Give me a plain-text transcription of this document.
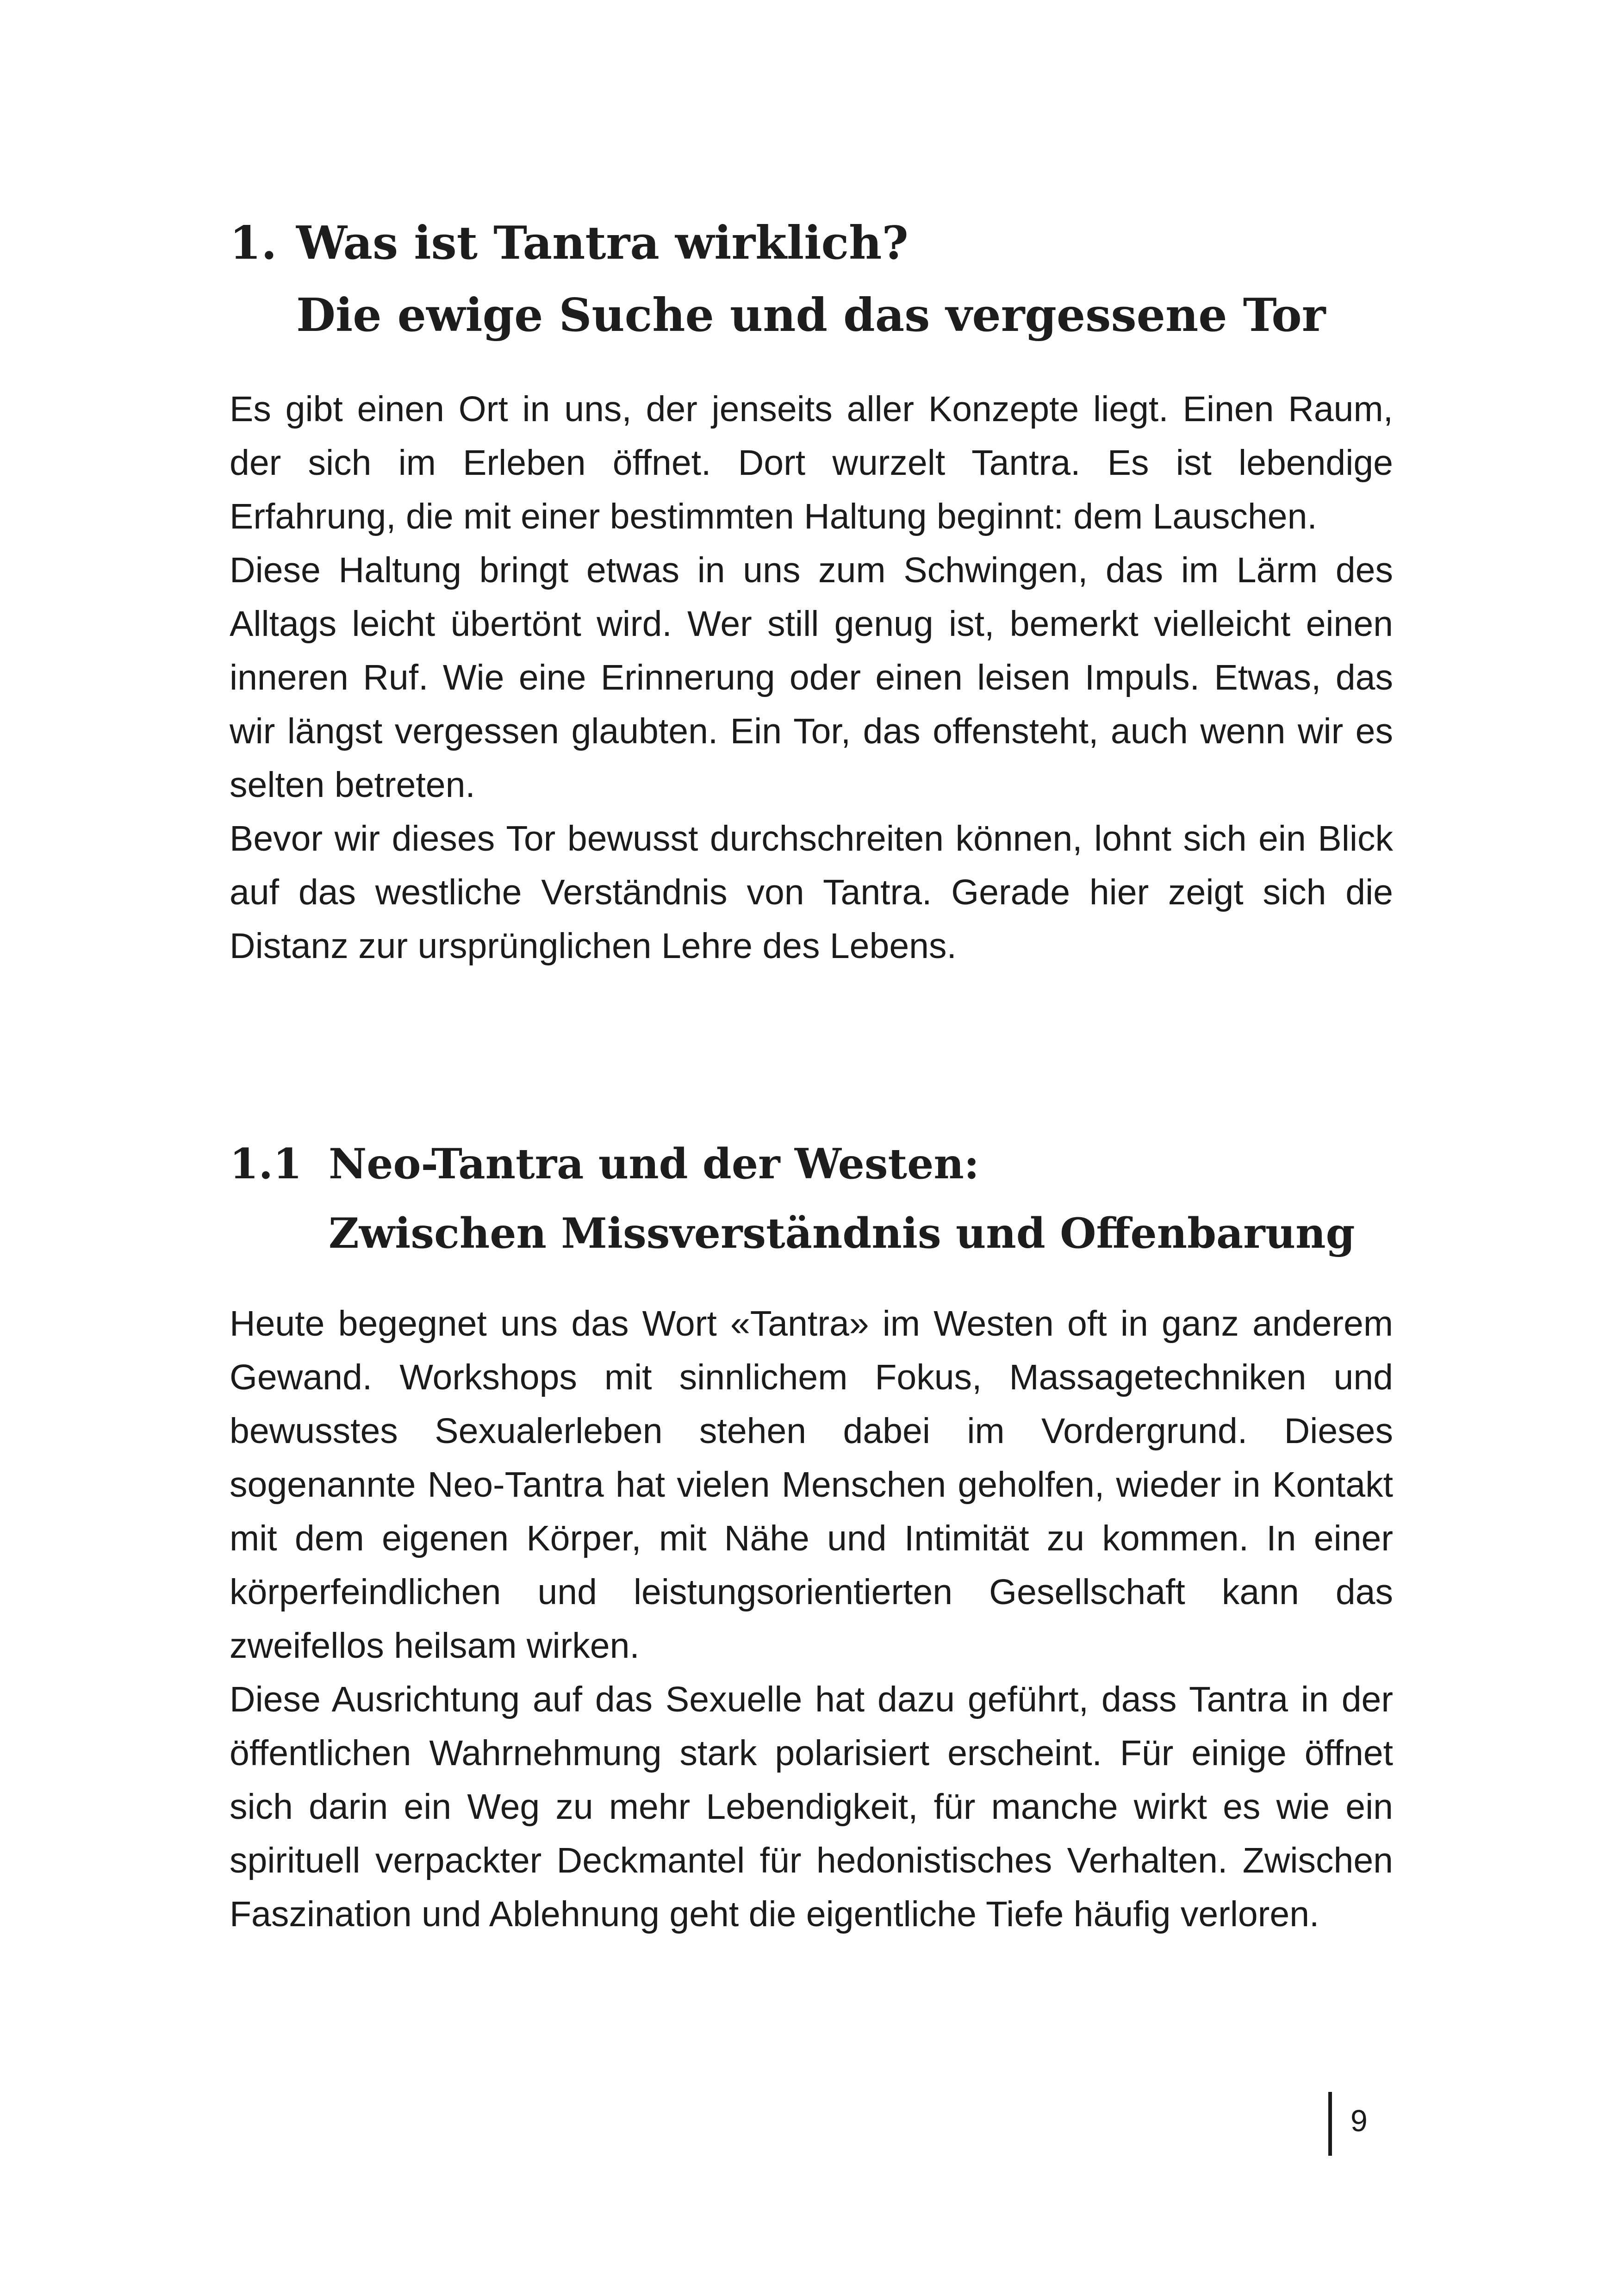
1. Was ist Tantra wirklich?
Die ewige Suche und das vergessene Tor

Es gibt einen Ort in uns, der jenseits aller Konzepte liegt. Einen Raum, der sich im Erleben öffnet. Dort wurzelt Tantra. Es ist lebendige Erfahrung, die mit einer bestimmten Haltung beginnt: dem Lauschen.

Diese Haltung bringt etwas in uns zum Schwingen, das im Lärm des Alltags leicht übertönt wird. Wer still genug ist, bemerkt vielleicht einen inneren Ruf. Wie eine Erinnerung oder einen leisen Impuls. Etwas, das wir längst vergessen glaubten. Ein Tor, das offensteht, auch wenn wir es selten betreten.

Bevor wir dieses Tor bewusst durchschreiten können, lohnt sich ein Blick auf das westliche Verständnis von Tantra. Gerade hier zeigt sich die Distanz zur ursprünglichen Lehre des Lebens.

1.1 Neo-Tantra und der Westen:
Zwischen Missverständnis und Offenbarung

Heute begegnet uns das Wort «Tantra» im Westen oft in ganz anderem Gewand. Workshops mit sinnlichem Fokus, Massagetechniken und bewusstes Sexualerleben stehen dabei im Vordergrund. Dieses sogenannte Neo-Tantra hat vielen Menschen geholfen, wieder in Kontakt mit dem eigenen Körper, mit Nähe und Intimität zu kommen. In einer körperfeindlichen und leistungsorientierten Gesellschaft kann das zweifellos heilsam wirken.

Diese Ausrichtung auf das Sexuelle hat dazu geführt, dass Tantra in der öffentlichen Wahrnehmung stark polarisiert erscheint. Für einige öffnet sich darin ein Weg zu mehr Lebendigkeit, für manche wirkt es wie ein spirituell verpackter Deckmantel für hedonistisches Verhalten. Zwischen Faszination und Ablehnung geht die eigentliche Tiefe häufig verloren.

9
